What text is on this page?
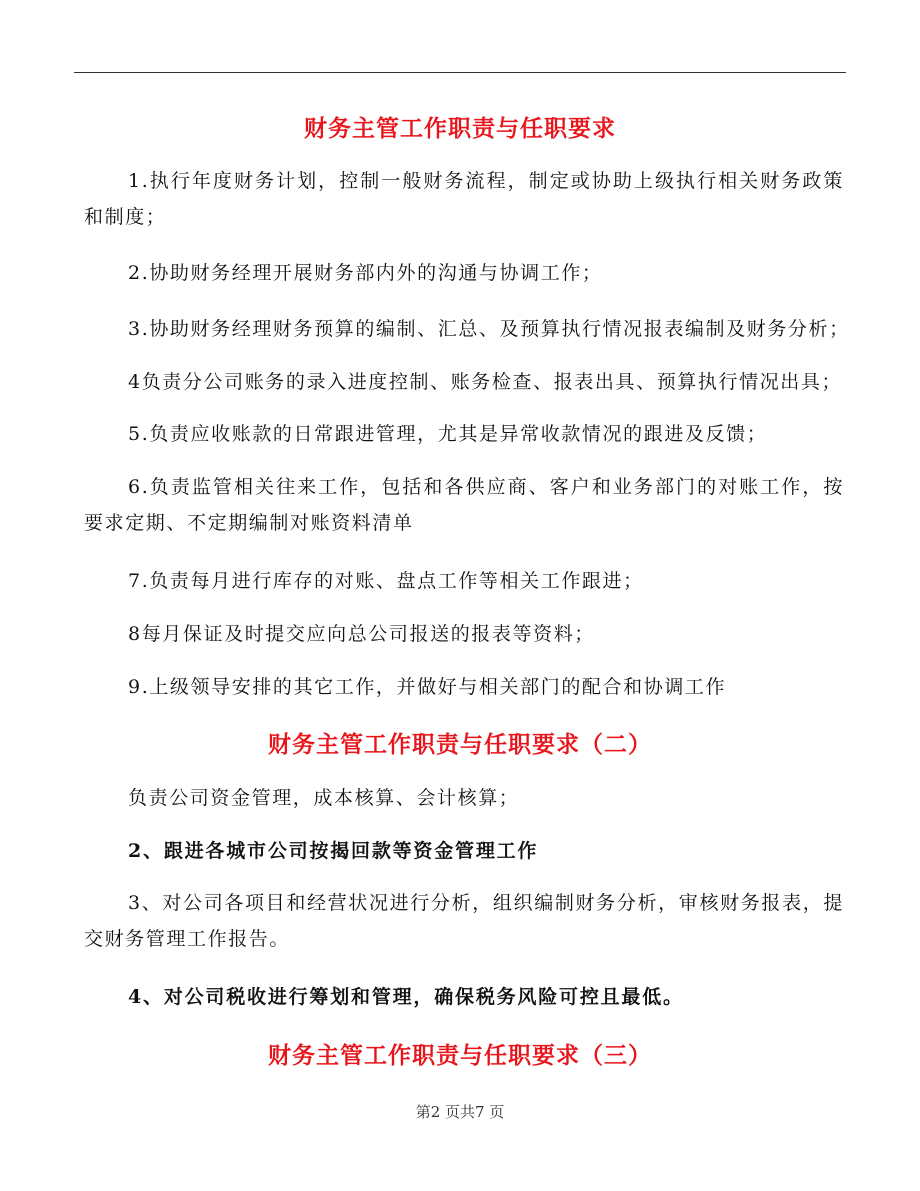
财务主管工作职责与任职要求
1.执行年度财务计划，控制一般财务流程，制定或协助上级执行相关财务政策和制度；
2.协助财务经理开展财务部内外的沟通与协调工作；
3.协助财务经理财务预算的编制、汇总、及预算执行情况报表编制及财务分析；
4负责分公司账务的录入进度控制、账务检查、报表出具、预算执行情况出具；
5.负责应收账款的日常跟进管理，尤其是异常收款情况的跟进及反馈；
6.负责监管相关往来工作，包括和各供应商、客户和业务部门的对账工作，按要求定期、不定期编制对账资料清单
7.负责每月进行库存的对账、盘点工作等相关工作跟进；
8每月保证及时提交应向总公司报送的报表等资料；
9.上级领导安排的其它工作，并做好与相关部门的配合和协调工作
财务主管工作职责与任职要求（二）
负责公司资金管理，成本核算、会计核算；
2、跟进各城市公司按揭回款等资金管理工作
3、对公司各项目和经营状况进行分析，组织编制财务分析，审核财务报表，提交财务管理工作报告。
4、对公司税收进行筹划和管理，确保税务风险可控且最低。
财务主管工作职责与任职要求（三）
第2 页共7 页
